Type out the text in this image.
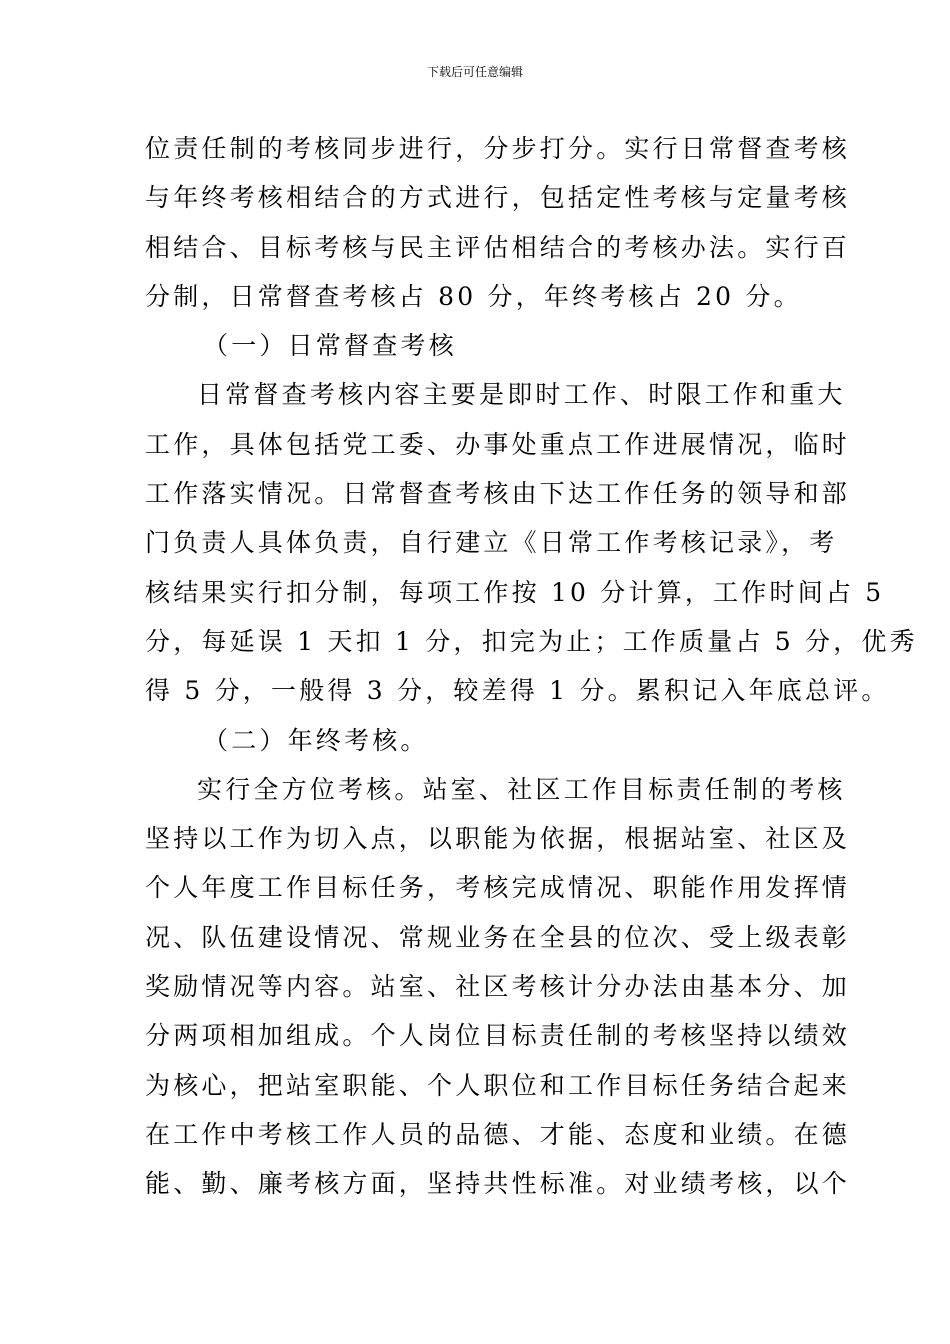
下载后可任意编辑
位责任制的考核同步进行，分步打分。实行日常督查考核
与年终考核相结合的方式进行，包括定性考核与定量考核
相结合、目标考核与民主评估相结合的考核办法。实行百
分制，日常督查考核占 80 分，年终考核占 20 分。
（一）日常督查考核
日常督查考核内容主要是即时工作、时限工作和重大
工作，具体包括党工委、办事处重点工作进展情况，临时
工作落实情况。日常督查考核由下达工作任务的领导和部
门负责人具体负责，自行建立《日常工作考核记录》，考
核结果实行扣分制，每项工作按 10 分计算，工作时间占 5
分，每延误 1 天扣 1 分，扣完为止；工作质量占 5 分，优秀
得 5 分，一般得 3 分，较差得 1 分。累积记入年底总评。
（二）年终考核。
实行全方位考核。站室、社区工作目标责任制的考核
坚持以工作为切入点，以职能为依据，根据站室、社区及
个人年度工作目标任务，考核完成情况、职能作用发挥情
况、队伍建设情况、常规业务在全县的位次、受上级表彰
奖励情况等内容。站室、社区考核计分办法由基本分、加
分两项相加组成。个人岗位目标责任制的考核坚持以绩效
为核心，把站室职能、个人职位和工作目标任务结合起来
在工作中考核工作人员的品德、才能、态度和业绩。在德
能、勤、廉考核方面，坚持共性标准。对业绩考核，以个
